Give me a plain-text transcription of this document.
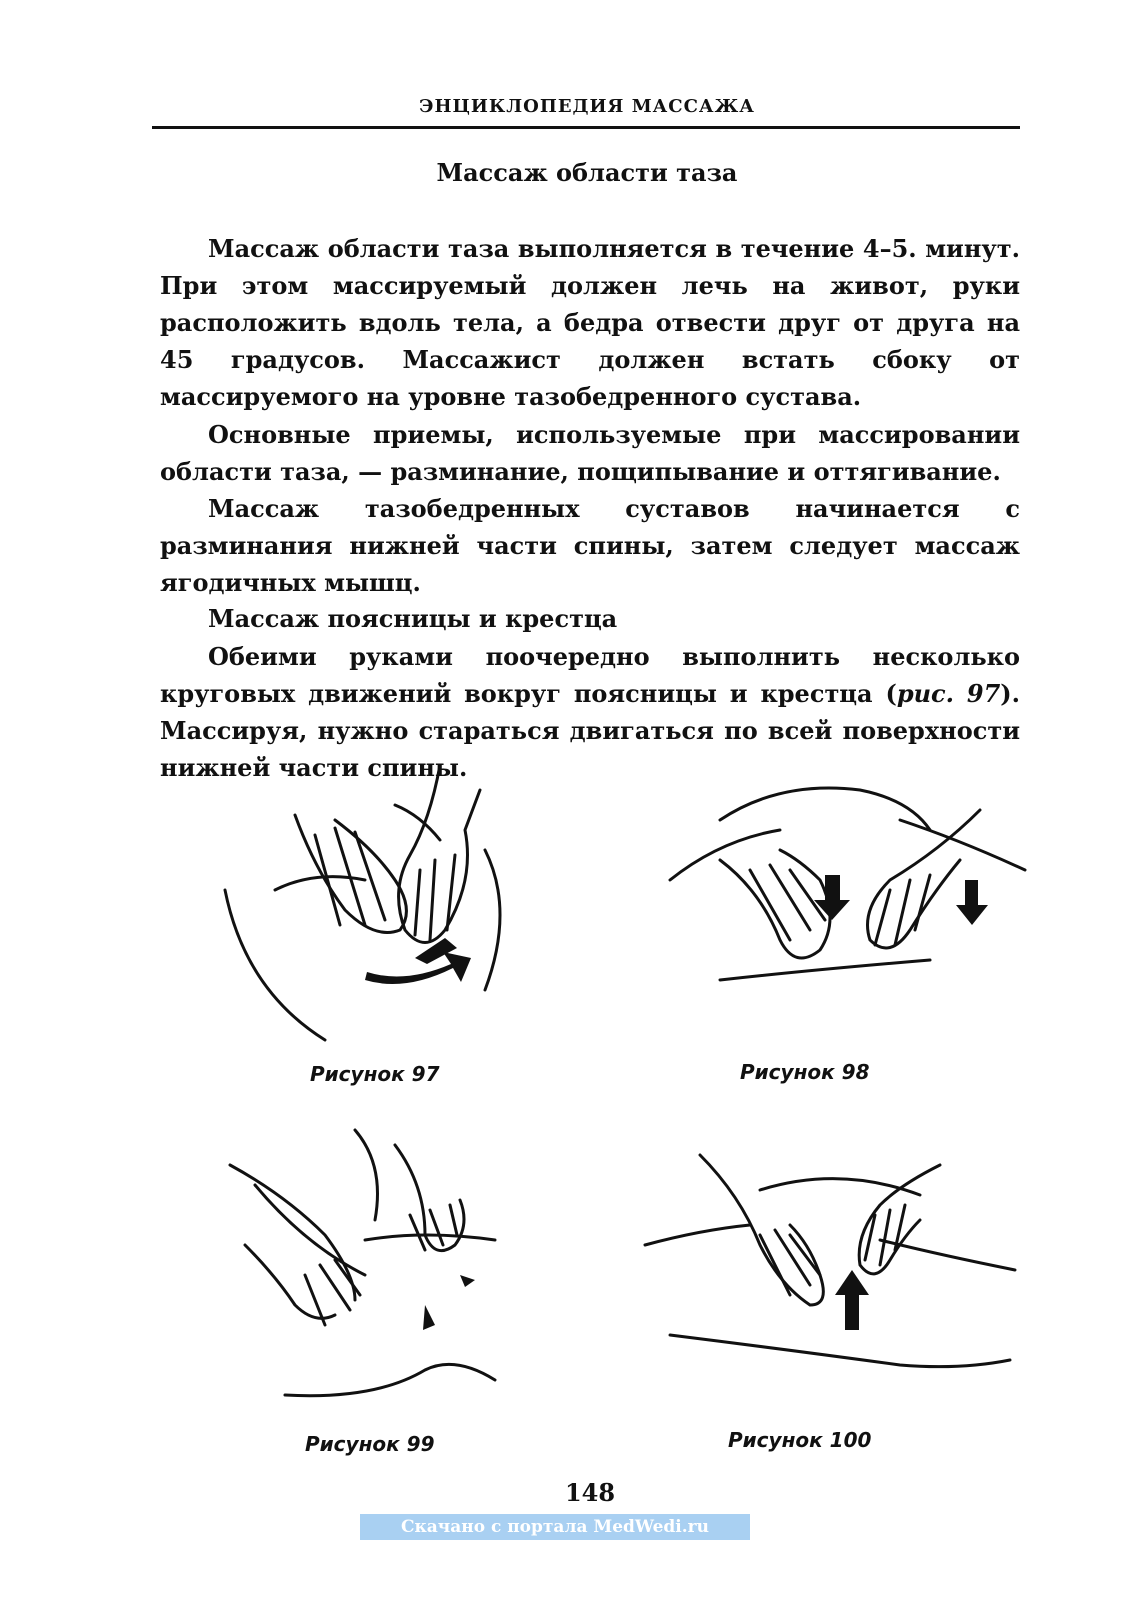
ЭНЦИКЛОПЕДИЯ МАССАЖА
Массаж области таза

Массаж области таза выполняется в течение 4–5. минут. При этом массируемый должен лечь на живот, руки расположить вдоль тела, а бедра отвести друг от друга на 45 градусов. Массажист должен встать сбоку от массируемого на уровне тазобедренного сустава.

Основные приемы, используемые при массировании области таза, — разминание, пощипывание и оттягивание.

Массаж тазобедренных суставов начинается с разминания нижней части спины, затем следует массаж ягодичных мышц.

Массаж поясницы и крестца

Обеими руками поочередно выполнить несколько круговых движений вокруг поясницы и крестца (рис. 97). Массируя, нужно стараться двигаться по всей поверхности нижней части спины.

Рисунок 97	Рисунок 98
Рисунок 99	Рисунок 100
148
Скачано с портала MedWedi.ru
